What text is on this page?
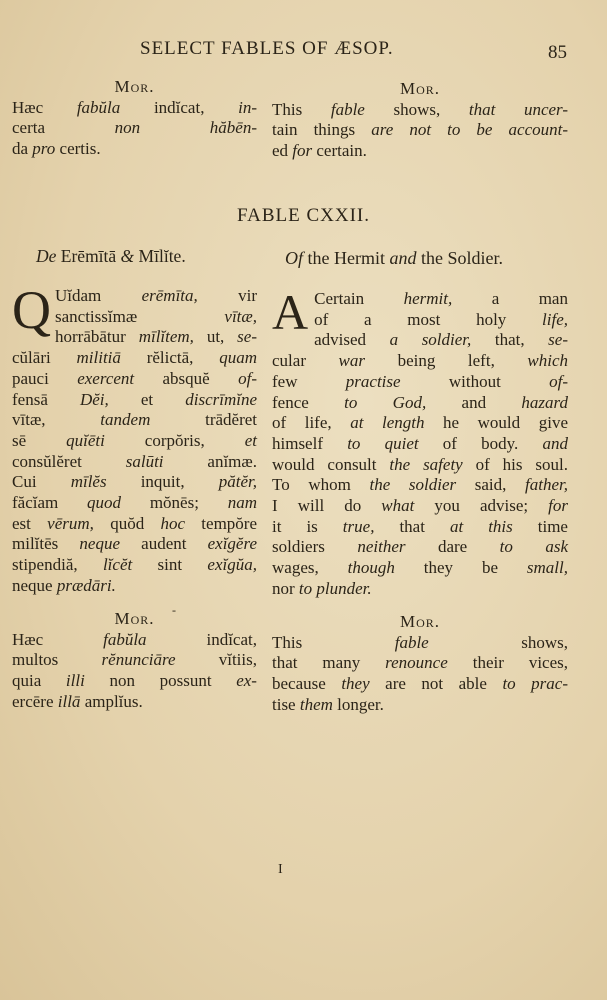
SELECT FABLES OF ÆSOP.	85

Mor.

Hæc fabŭla indĭcat, in-

certa non hăbēn-

da pro certis.

Mor.

This fable shows, that uncer-

tain things are not to be account-

ed for certain.

FABLE CXXII.
De Erēmītā & Mīlĭte.	Of the Hermit and the Soldier.
Q Uĭdam erēmīta, vir

sanctissĭmæ vītæ,

horrābātur mīlĭtem, ut, se-

cŭlāri militiā rĕlictā, quam

pauci exercent absquĕ of-

fensā Dĕi, et discrīmĭne

vītæ, tandem trādĕret

sē quĭēti corpŏris, et

consŭlĕret salūti anĭmæ.

Cui mīlĕs inquit, pătĕr,

făcĭam quod mŏnēs; nam

est vērum, quŏd hoc tempŏre

milĭtēs neque audent exĭgĕre

stipendiă, lĭcĕt sint exĭgŭa,

neque prædāri.

A Certain hermit, a man

of a most holy life,

advised a soldier, that, se-

cular war being left, which

few practise without of-

fence to God, and hazard

of life, at length he would give

himself to quiet of body. and

would consult the safety of his soul.

To whom the soldier said, father,

I will do what you advise; for

it is true, that at this time

soldiers neither dare to ask

wages, though they be small,

nor to plunder.

-

Mor.

Hæc fabŭla indĭcat,

multos rĕnunciāre vĭtiis,

quia illi non possunt ex-

ercēre illā amplĭus.

Mor.

This fable shows,

that many renounce their vices,

because they are not able to prac-

tise them longer.

I
